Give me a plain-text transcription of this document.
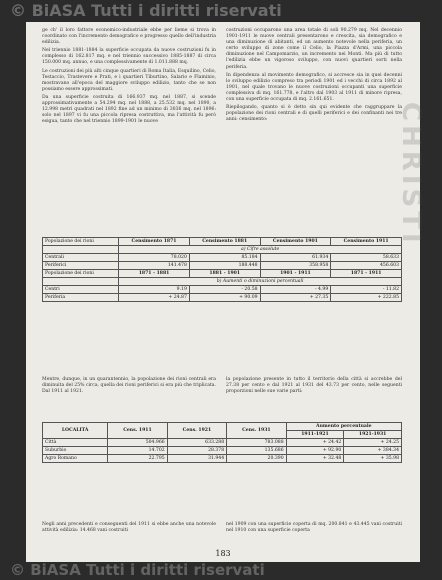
© BiASA Tutti i diritti riservati
CHRISTI

ge ch' il loro fattore economico-industriale ebbe per lieme si trova in coordinato con l'incremento demografico e progresso quello dell'industria edilizia.

Nel triennio 1881-1884 la superficie occupata da nuove costruzioni fu in complesso di 162.817 mq. e nel triennio successivo 1885-1887 di circa 150.000 mq. annuo, e una complessivamente di 1.011.888 mq.

Le costruzioni dei più alti cinque quartieri di Roma Italia, Esquilino, Celio, Testaccio, Trastevere e Prati, e i quartieri Tiburtino, Salario e Flaminio, mostravano all'epoca del maggiore sviluppo edilizio, tanto che se non possiamo essere approssimati.

Da una superficie costruita di 166.937 mq. nel 1887, si scende approssimativamente a 54.294 mq. nel 1888, a 25.532 mq. nel 1890, a 12.998 metri quadrati nel 1892 fine ad un minimo di 3036 mq. nel 1896: solo nel 1897 vi fu una piccola ripresa costruttiva, ma l'attività fu però esigua, tanto che nel triennio 1899-1901 le nuove

costruzioni occuparono una area totale di soli 90.279 mq. Nel decennio 1901-1911 le nuove centrali presentarono e crescita, sia demografico e una diminuzione di abitanti, ed un aumento notevole nella periferia, un certo sviluppo di zone come il Celio, la Piazza d'Armi, una piccola diminuzione nel Campomarzio, un incremento nei Monti. Ma più di tutto l'edilizia ebbe un vigoroso sviluppo, con nuovi quartieri sorti nella periferia.

In dipendenza al movimento demografico, si accresce sia in quei decenni lo sviluppo edilizio compreso tra periodi 1901 ed i vecchi di circa 1892 al 1901, nel quale trovano le nuove costruzioni occupanti una superficie complessiva di mq. 161.778, e l'altro dal 1903 al 1911 di minore ripresa, con una superficie occupata di mq. 2.161.651.

Riepilogando, quanto si è detto sin qui evidente che raggruppare la popolazione dei rioni centrali e di quelli periferici e dei confinanti nei tre anni: censimento:

Popolazione dei rioni	Censimento 1871	Censimento 1881	Censimento 1901	Censimento 1911
	a) Cifre assolute			
Centrali	78.020	85.184	61.934	58.633
Periferici	141.478	188.448	358.958	456.603
Popolazione dei rioni	1871 - 1881	1881 - 1901	1901 - 1911	1871 - 1911
	b) Aumenti o diminuzioni percentuali			
Centri	9.19	- 20.58	- 4.99	- 11.82
Periferia	+ 24.87	+ 90.09	+ 27.35	+ 222.85

Mentre, dunque, in un quarantennio, la popolazione dei rioni centrali era diminuita del 25% circa, quella dei rioni periferici si era più che triplicata. Dal 1911 al 1921.

la popolazione presente in tutto il territorio della città si accrebbe del 27.38 per cento e dal 1921 al 1931 del 43.73 per cento, nelle seguenti proporzioni nelle sue varie parti:

LOCALITÀ	Cens. 1911	Cens. 1921	Cens. 1931	Aumento percentuale	
				1911-1921	1921-1931
Città	504.966	633.288	783.088	+ 24.42	+ 24.25
Suburbio	14.702	28.378	135.686	+ 92.90	+ 384.34
Agro Romano	22.795	31.944	20.390	+ 32.48	+ 35.98

Negli anni precedenti e conseguenti del 1911 si ebbe anche una notevole attività edilizia: 14.468 vani costruiti

nel 1909 con una superficie coperta di mq. 200.841 e 43.445 vani costruiti nel 1910 con una superficie coperta

183
© BiASA Tutti i diritti riservati
